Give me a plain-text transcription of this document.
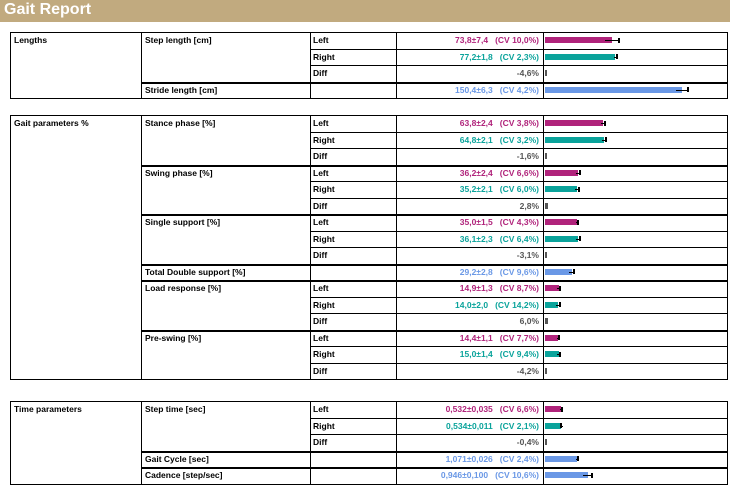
Gait Report
Lengths	Step length [cm]	Left	73,8±7,4 (CV 10,0%)
Right	77,2±1,8 (CV 2,3%)
Diff	-4,6%
Stride length [cm]	150,4±6,3 (CV 4,2%)
Gait parameters %	Stance phase [%]	Left	63,8±2,4 (CV 3,8%)
Right	64,8±2,1 (CV 3,2%)
Diff	-1,6%
Swing phase [%]	Left	36,2±2,4 (CV 6,6%)
Right	35,2±2,1 (CV 6,0%)
Diff	2,8%
Single support [%]	Left	35,0±1,5 (CV 4,3%)
Right	36,1±2,3 (CV 6,4%)
Diff	-3,1%
Total Double support [%]	29,2±2,8 (CV 9,6%)
Load response [%]	Left	14,9±1,3 (CV 8,7%)
Right	14,0±2,0 (CV 14,2%)
Diff	6,0%
Pre-swing [%]	Left	14,4±1,1 (CV 7,7%)
Right	15,0±1,4 (CV 9,4%)
Diff	-4,2%
Time parameters	Step time [sec]	Left	0,532±0,035 (CV 6,6%)
Right	0,534±0,011 (CV 2,1%)
Diff	-0,4%
Gait Cycle [sec]	1,071±0,026 (CV 2,4%)
Cadence [step/sec]	0,946±0,100 (CV 10,6%)
